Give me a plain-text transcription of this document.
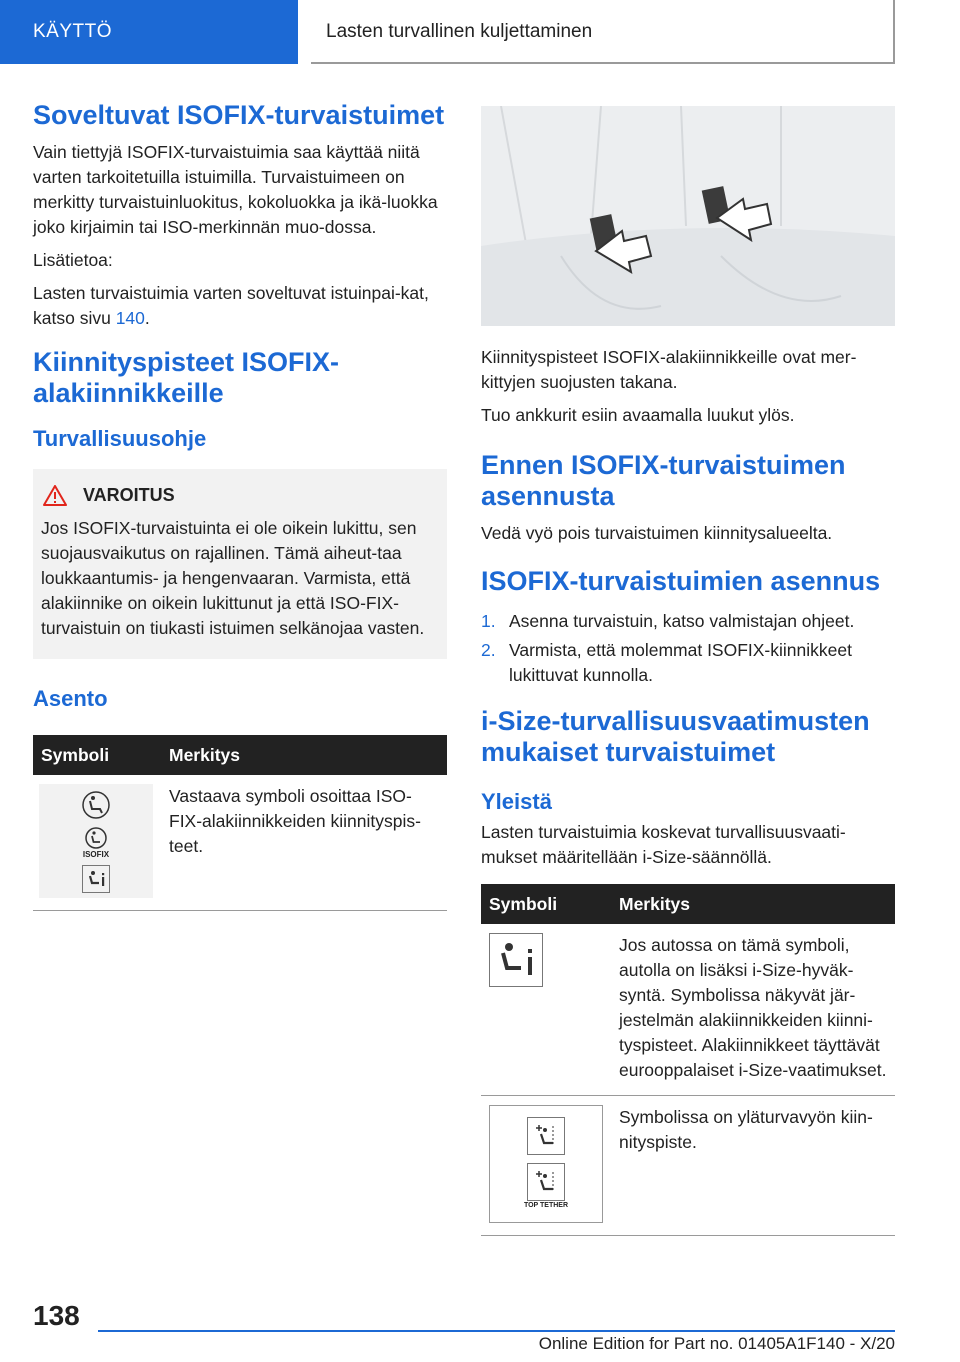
KÄYTTÖ	Lasten turvallinen kuljettaminen
Soveltuvat ISOFIX-turvaistuimet

Vain tiettyjä ISOFIX-turvaistuimia saa käyttää niitä varten tarkoitetuilla istuimilla. Turvaistuimeen on merkitty turvaistuinluokitus, kokoluokka ja ikä-luokka joko kirjaimin tai ISO-merkinnän muo-dossa.

Lisätietoa:

Lasten turvaistuimia varten soveltuvat istuinpai-kat, katso sivu 140.

Kiinnityspisteet ISOFIX-alakiinnikkeille
Turvallisuusohje
VAROITUS

Jos ISOFIX-turvaistuinta ei ole oikein lukittu, sen suojausvaikutus on rajallinen. Tämä aiheut-taa loukkaantumis- ja hengenvaaran. Varmista, että alakiinnike on oikein lukittunut ja että ISO-FIX-turvaistuin on tiukasti istuimen selkänojaa vasten.

Asento
Symboli	Merkitys

ISOFIX	Vastaava symboli osoittaa ISO-FIX-alakiinnikkeiden kiinnityspis-teet.

Kiinnityspisteet ISOFIX-alakiinnikkeille ovat mer-kittyjen suojusten takana.

Tuo ankkurit esiin avaamalla luukut ylös.

Ennen ISOFIX-turvaistuimen asennusta

Vedä vyö pois turvaistuimen kiinnitysalueelta.

ISOFIX-turvaistuimien asennus
1. Asenna turvaistuin, katso valmistajan ohjeet.
2. Varmista, että molemmat ISOFIX-kiinnikkeet lukittuvat kunnolla.
i-Size-turvallisuusvaatimusten mukaiset turvaistuimet
Yleistä

Lasten turvaistuimia koskevat turvallisuusvaati-mukset määritellään i-Size-säännöllä.

Symboli	Merkitys

	Jos autossa on tämä symboli, autolla on lisäksi i-Size-hyväk-syntä. Symbolissa näkyvät jär-jestelmän alakiinnikkeiden kiinni-tyspisteet. Alakiinnikkeet täyttävät eurooppalaiset i-Size-vaatimukset.

TOP TETHER	Symbolissa on yläturvavyön kiin-nityspiste.
138
Online Edition for Part no. 01405A1F140 - X/20
